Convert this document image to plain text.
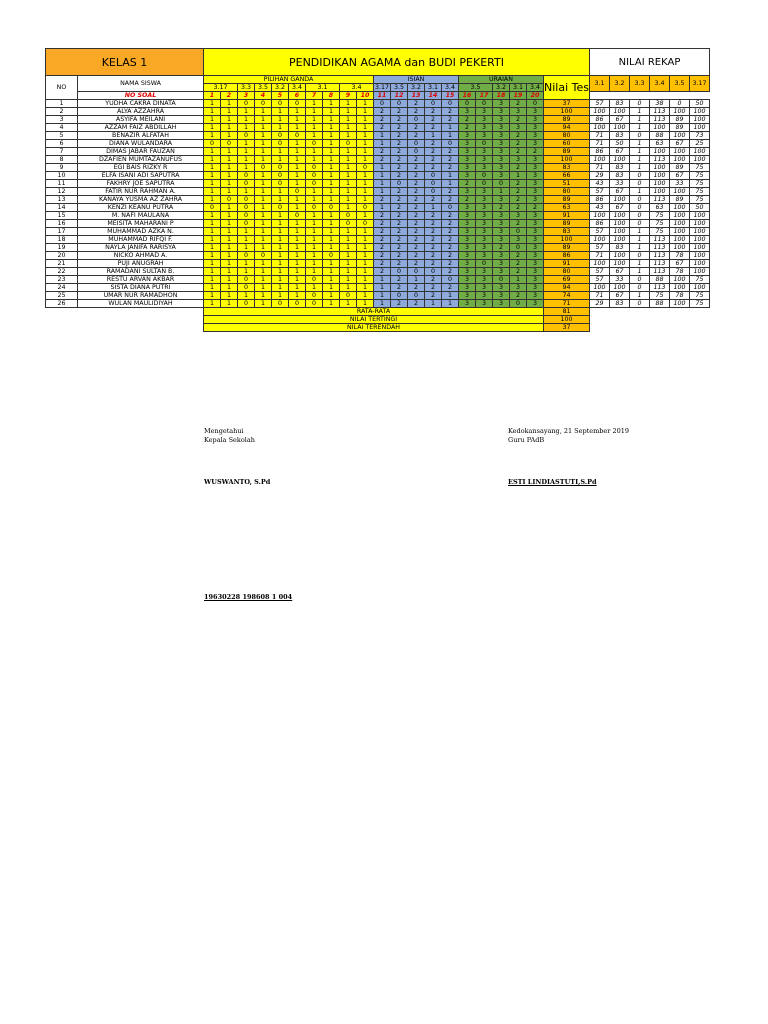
KELAS 1		PENDIDIKAN AGAMA dan BUDI PEKERTI																					NILAI REKAP					
NO	NAMA SISWA	PILIHAN GANDA										ISIAN					URAIAN					Nilai Tes	3.1	3.2	3.3	3.4	3.5	3.17
		3.17		3.3	3.5	3.2	3.4	3.1		3.4		3.17	3.5	3.2	3.1	3.4	3.5		3.2	3.1	3.4							
	NO SOAL	1	2	3	4	5	6	7	8	9	10	11	12	13	14	15	16	17	18	19	20							
1	YUDHA CAKRA DINATA	1	1	0	0	0	0	1	1	1	1	0	0	2	0	0	0	0	3	2	0	37	57	83	0	38	0	50
2	ALYA AZZAHRA	1	1	1	1	1	1	1	1	1	1	2	2	2	2	2	3	3	3	3	3	100	100	100	1	113	100	100
3	ASYIFA MEILANI	1	1	1	1	1	1	1	1	1	1	2	2	0	2	2	2	3	3	2	3	89	86	67	1	113	89	100
4	AZZAM FAIZ ABDILLAH	1	1	1	1	1	1	1	1	1	1	2	2	2	2	1	2	3	3	3	3	94	100	100	1	100	89	100
5	BENAZIR ALFATAH	1	1	0	1	0	0	1	1	1	1	1	2	2	1	1	3	3	3	2	3	80	71	83	0	88	100	73
6	DIANA WULANDARA	0	0	1	1	0	1	0	1	0	1	1	2	0	2	0	3	0	3	2	3	60	71	50	1	63	67	25
7	DIMAS JABAR FAUZAN	1	1	1	1	1	1	1	1	1	1	2	2	0	2	2	3	3	3	2	2	89	86	67	1	100	100	100
8	DZAFIEN MUMTAZANUFUS	1	1	1	1	1	1	1	1	1	1	2	2	2	2	2	3	3	3	3	3	100	100	100	1	113	100	100
9	EGI BAIS RIZKY R	1	1	1	0	0	1	0	1	1	0	1	2	2	2	2	3	3	3	2	3	83	71	83	1	100	89	75
10	ELFA ISANI ADI SAPUTRA	1	1	0	1	0	1	0	1	1	1	1	2	2	0	1	3	0	3	1	3	66	29	83	0	100	67	75
11	FAKHRY JOE SAPUTRA	1	1	0	1	0	1	0	1	1	1	1	0	2	0	1	2	0	0	2	3	51	43	33	0	100	33	75
12	FATIR NUR RAHMAN A.	1	1	1	1	1	0	1	1	1	1	1	2	2	0	2	3	3	1	2	3	80	57	67	1	100	100	75
13	KANAYA YUSMA AZ ZAHRA	1	0	0	1	1	1	1	1	1	1	2	2	2	2	2	2	3	3	2	3	89	86	100	0	113	89	75
14	KENZI KEANU PUTRA	0	1	0	1	0	1	0	0	1	0	1	2	2	1	0	3	3	2	2	2	63	43	67	0	63	100	50
15	M. NAFI MAULANA	1	1	0	1	1	0	1	1	0	1	2	2	2	2	2	3	3	3	3	3	91	100	100	0	75	100	100
16	MEISITA MAHARANI P	1	1	0	1	1	1	1	1	0	0	2	2	2	2	2	3	3	3	2	3	89	86	100	0	75	100	100
17	MUHAMMAD AZKA N.	1	1	1	1	1	1	1	1	1	1	2	2	2	2	2	3	3	3	0	3	83	57	100	1	75	100	100
18	MUHAMMAD RIFQI F.	1	1	1	1	1	1	1	1	1	1	2	2	2	2	2	3	3	3	3	3	100	100	100	1	113	100	100
19	NAYLA JANIFA RARISYA	1	1	1	1	1	1	1	1	1	1	2	2	2	2	2	3	3	2	0	3	89	57	83	1	113	100	100
20	NICKO AHMAD A.	1	1	0	0	1	1	1	0	1	1	2	2	2	2	2	3	3	3	2	3	86	71	100	0	113	78	100
21	PUJI ANUGRAH	1	1	1	1	1	1	1	1	1	1	2	2	2	2	2	3	0	3	2	3	91	100	100	1	113	67	100
22	RAMADANI SULTAN B.	1	1	1	1	1	1	1	1	1	1	2	0	0	0	2	3	3	3	2	3	80	57	67	1	113	78	100
23	RESTU ARVAN AKBAR	1	1	0	1	1	1	0	1	1	1	1	2	1	2	0	3	3	0	1	3	69	57	33	0	88	100	75
24	SISTA DIANA PUTRI	1	1	0	1	1	1	1	1	1	1	1	2	2	2	2	3	3	3	3	3	94	100	100	0	113	100	100
25	UMAR NUR RAMADHON	1	1	1	1	1	1	0	1	0	1	1	0	0	2	1	3	3	3	2	3	74	71	67	1	75	78	75
26	WULAN MAULIDIYAH	1	1	0	1	0	0	0	1	1	1	1	2	2	1	1	3	3	3	0	3	71	29	83	0	88	100	75
		RATA-RATA																				81						
		NILAI TERTINGI																				100						
		NILAI TERENDAH																				37						
Mengetahui
Kepala Sekolah
WUSWANTO, S.Pd
19630228 198608 1 004
Kedokansayang, 21 September 2019
Guru PAdB
ESTI LINDIASTUTI,S.Pd
